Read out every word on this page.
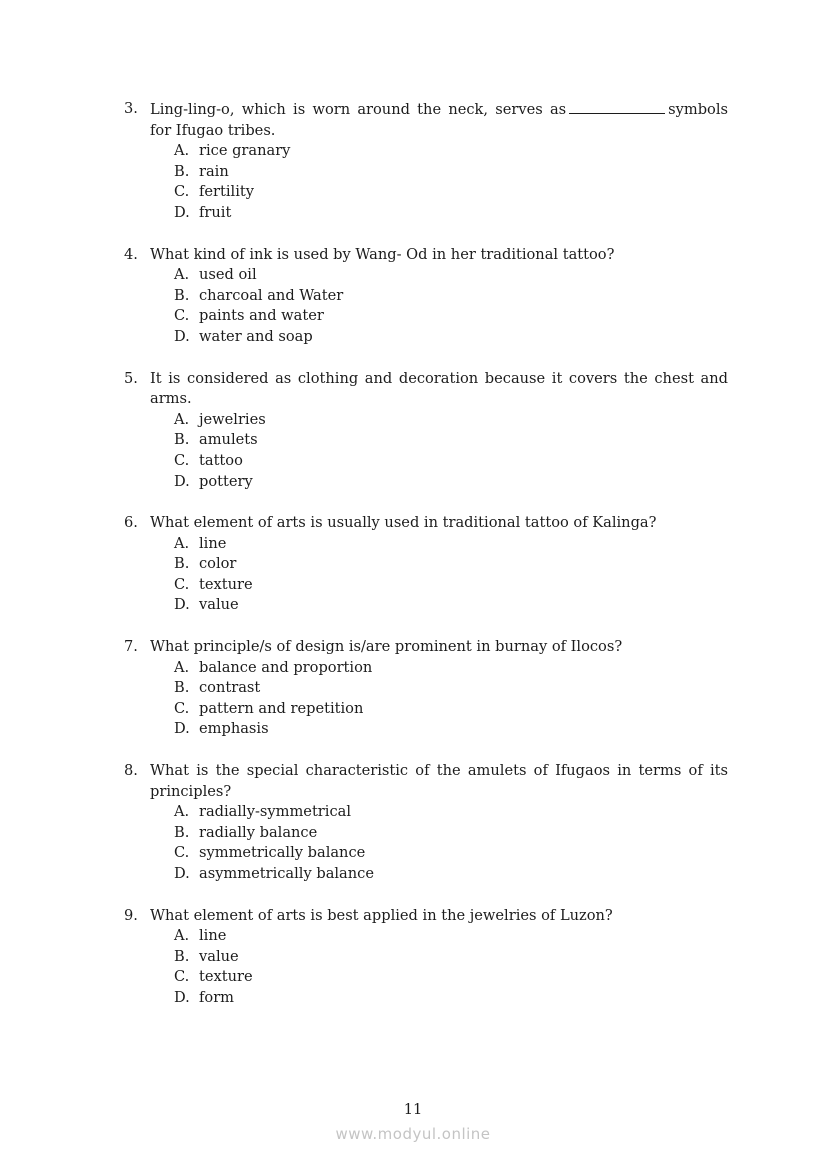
3. Ling-ling-o, which is worn around the neck, serves as	symbols for Ifugao tribes.
A. rice granary
B. rain
C. fertility
D. fruit
4. What kind of ink is used by Wang- Od in her traditional tattoo?
A. used oil
B. charcoal and Water
C. paints and water
D. water and soap
5. It is considered as clothing and decoration because it covers the chest and arms.
A. jewelries
B. amulets
C. tattoo
D. pottery
6. What element of arts is usually used in traditional tattoo of Kalinga?
A. line
B. color
C. texture
D. value
7. What principle/s of design is/are prominent in burnay of Ilocos?
A. balance and proportion
B. contrast
C. pattern and repetition
D. emphasis
8. What is the special characteristic of the amulets of Ifugaos in terms of its principles?
A. radially-symmetrical
B. radially balance
C. symmetrically balance
D. asymmetrically balance
9. What element of arts is best applied in the jewelries of Luzon?
A. line
B. value
C. texture
D. form
11
www.modyul.online
